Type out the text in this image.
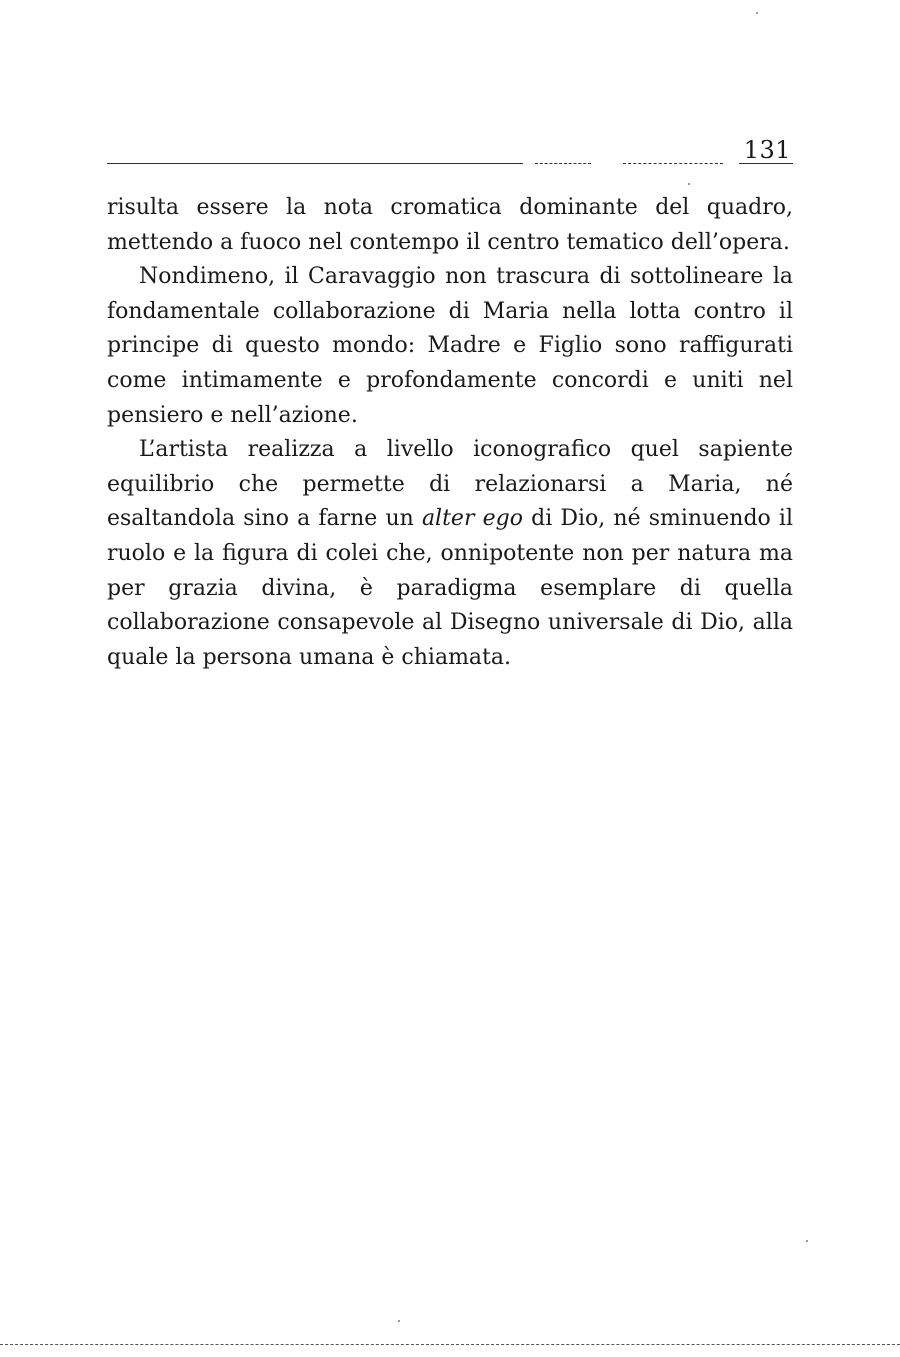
131

risulta essere la nota cromatica dominante del quadro, mettendo a fuoco nel contempo il centro tematico dell’opera.

Nondimeno, il Caravaggio non trascura di sottolineare la fondamentale collaborazione di Maria nella lotta contro il principe di questo mondo: Madre e Figlio sono raffigurati come intimamente e profondamente concordi e uniti nel pensiero e nell’azione.

L’artista realizza a livello iconografico quel sapiente equilibrio che permette di relazionarsi a Maria, né esaltandola sino a farne un alter ego di Dio, né sminuendo il ruolo e la figura di colei che, onnipotente non per natura ma per grazia divina, è paradigma esemplare di quella collaborazione consapevole al Disegno universale di Dio, alla quale la persona umana è chiamata.
